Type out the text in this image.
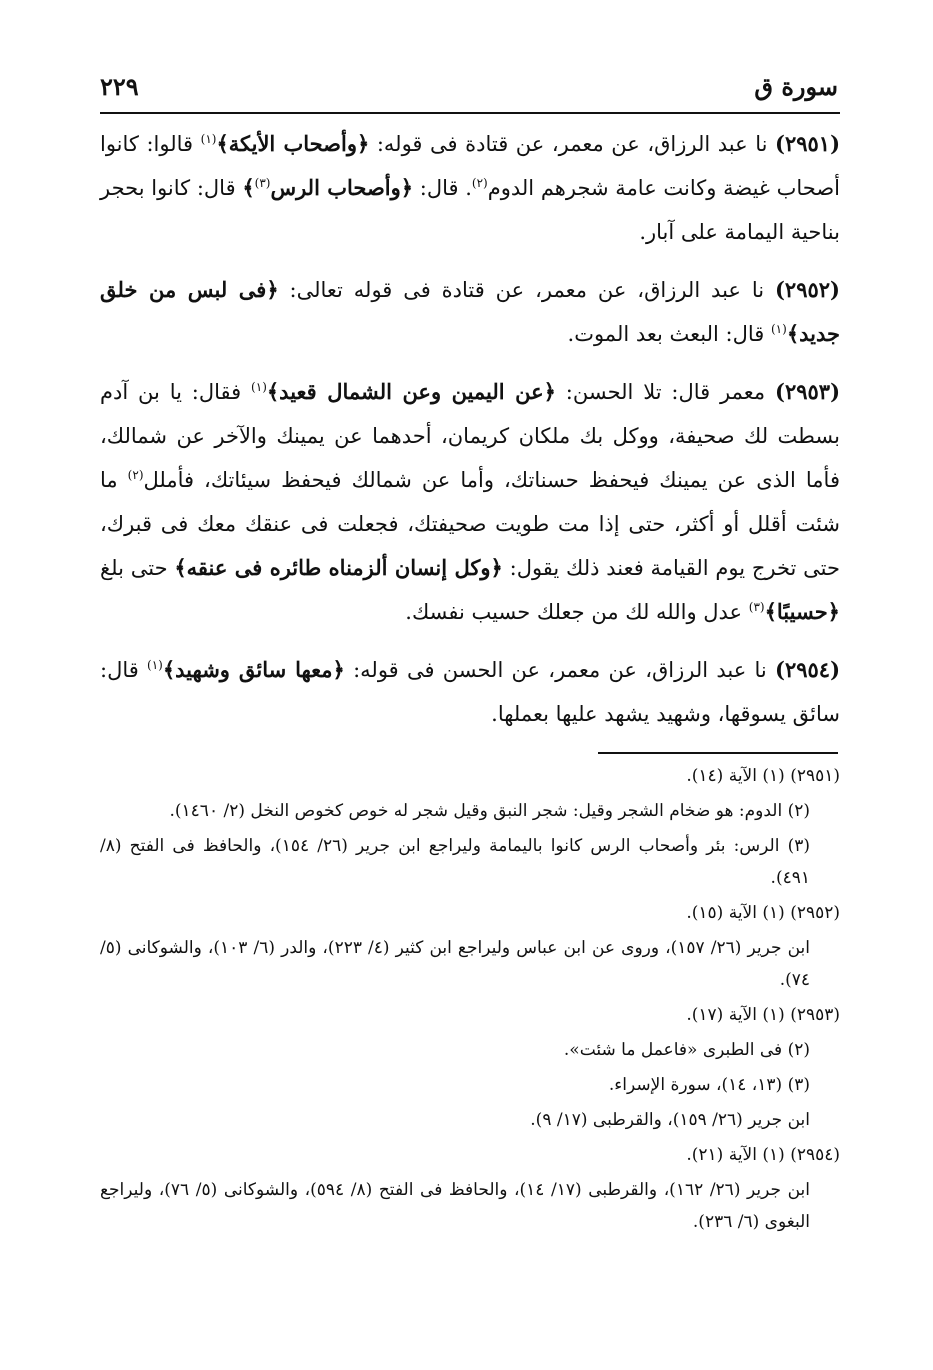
سورة ق
٢٢٩

(٢٩٥١) نا عبد الرزاق، عن معمر، عن قتادة فى قوله: ﴿وأصحاب الأيكة﴾$^{(١)}$ قالوا: كانوا أصحاب غيضة وكانت عامة شجرهم الدوم$^{(٢)}$. قال: ﴿وأصحاب الرس$^{(٣)}$﴾ قال: كانوا بحجر بناحية اليمامة على آبار.

(٢٩٥٢) نا عبد الرزاق، عن معمر، عن قتادة فى قوله تعالى: ﴿فى لبس من خلق جديد﴾$^{(١)}$ قال: البعث بعد الموت.

(٢٩٥٣) معمر قال: تلا الحسن: ﴿عن اليمين وعن الشمال قعيد﴾$^{(١)}$ فقال: يا بن آدم بسطت لك صحيفة، ووكل بك ملكان كريمان، أحدهما عن يمينك والآخر عن شمالك، فأما الذى عن يمينك فيحفظ حسناتك، وأما عن شمالك فيحفظ سيئاتك، فأملل$^{(٢)}$ ما شئت أقلل أو أكثر، حتى إذا مت طويت صحيفتك، فجعلت فى عنقك معك فى قبرك، حتى تخرج يوم القيامة فعند ذلك يقول: ﴿وكل إنسان ألزمناه طائره فى عنقه﴾ حتى بلغ ﴿حسيبًا﴾$^{(٣)}$ عدل والله لك من جعلك حسيب نفسك.

(٢٩٥٤) نا عبد الرزاق، عن معمر، عن الحسن فى قوله: ﴿معها سائق وشهيد﴾$^{(١)}$ قال: سائق يسوقها، وشهيد يشهد عليها بعملها.

(٢٩٥١) (١) الآية (١٤).
(٢) الدوم: هو ضخام الشجر وقيل: شجر النبق وقيل شجر له خوص كخوص النخل (٢/ ١٤٦٠).
(٣) الرس: بئر وأصحاب الرس كانوا باليمامة وليراجع ابن جرير (٢٦/ ١٥٤)، والحافظ فى الفتح (٨/ ٤٩١).
(٢٩٥٢) (١) الآية (١٥).
ابن جرير (٢٦/ ١٥٧)، وروى عن ابن عباس وليراجع ابن كثير (٤/ ٢٢٣)، والدر (٦/ ١٠٣)، والشوكانى (٥/ ٧٤).
(٢٩٥٣) (١) الآية (١٧).
(٢) فى الطبرى «فاعمل ما شئت».
(٣) (١٣، ١٤)، سورة الإسراء.
ابن جرير (٢٦/ ١٥٩)، والقرطبى (١٧/ ٩).
(٢٩٥٤) (١) الآية (٢١).
ابن جرير (٢٦/ ١٦٢)، والقرطبى (١٧/ ١٤)، والحافظ فى الفتح (٨/ ٥٩٤)، والشوكانى (٥/ ٧٦)، وليراجع البغوى (٦/ ٢٣٦).
